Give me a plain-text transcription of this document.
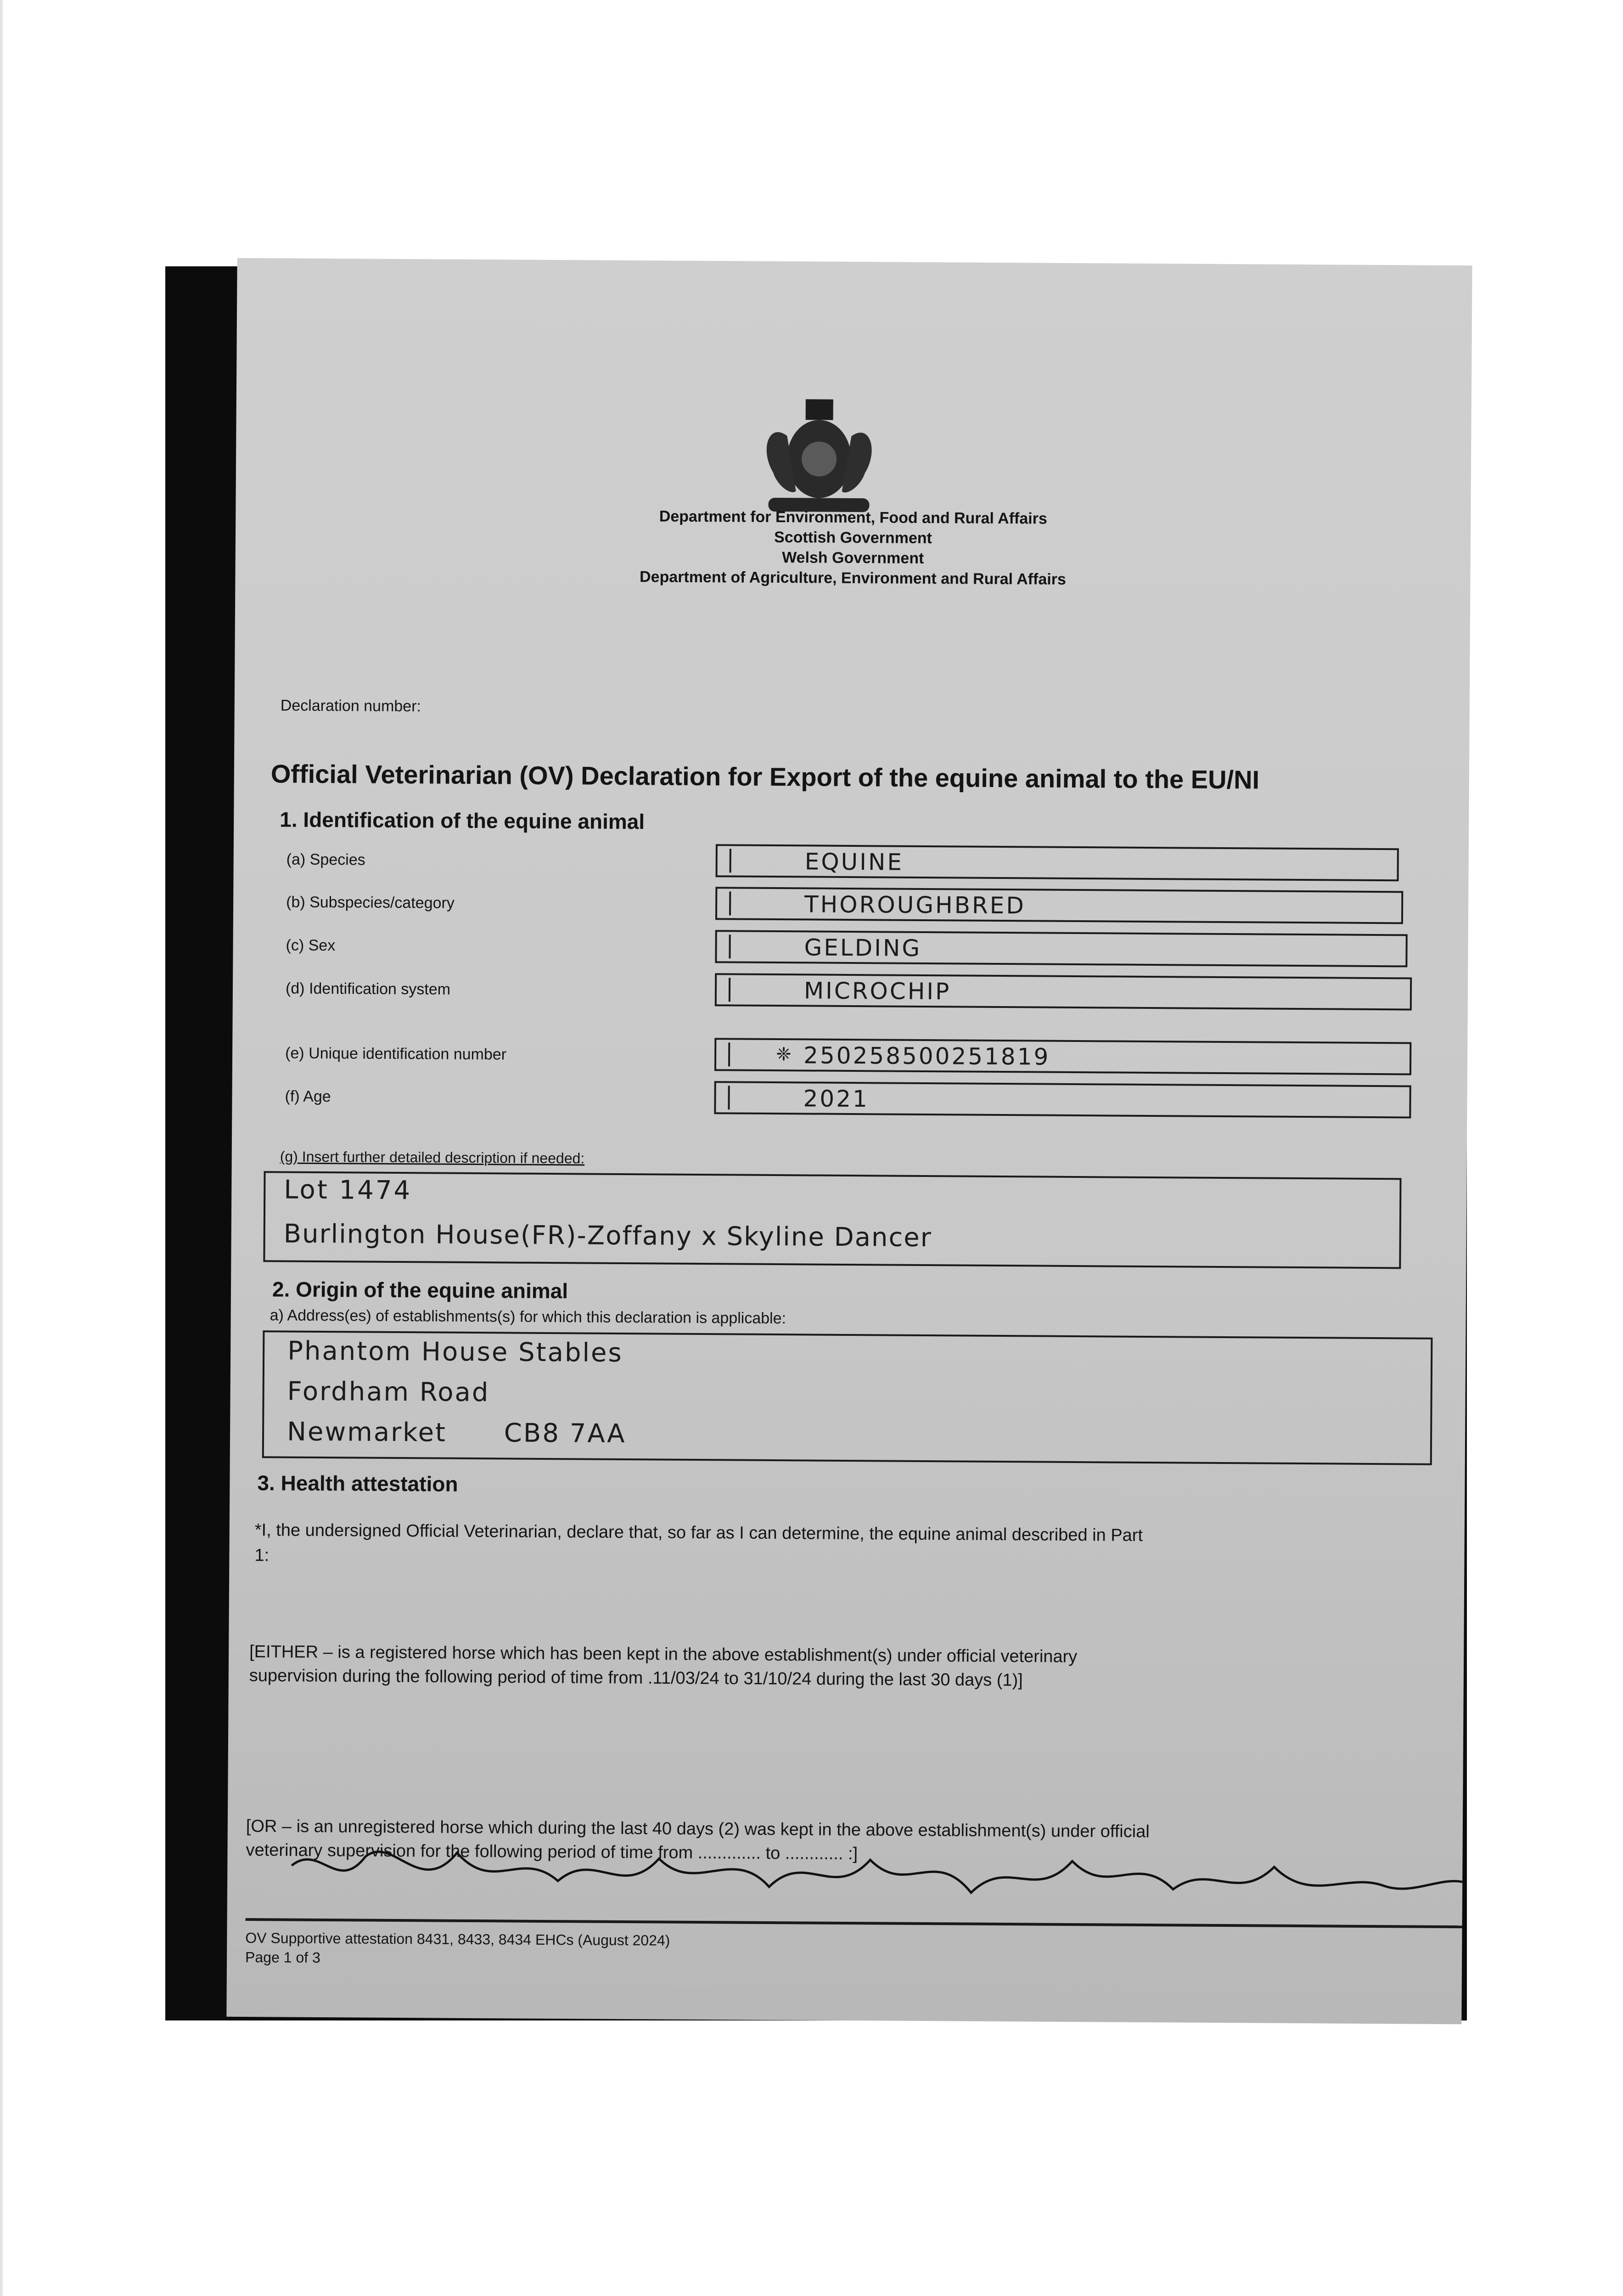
Department for Environment, Food and Rural Affairs
Scottish Government
Welsh Government
Department of Agriculture, Environment and Rural Affairs
Declaration number:
Official Veterinarian (OV) Declaration for Export of the equine animal to the EU/NI
1. Identification of the equine animal
(a) Species	EQUINE
(b) Subspecies/category	THOROUGHBRED
(c) Sex	GELDING
(d) Identification system	MICROCHIP
(e) Unique identification number	❈ 250258500251819
(f) Age	2021
(g) Insert further detailed description if needed:
Lot 1474
Burlington House(FR)-Zoffany x Skyline Dancer
2. Origin of the equine animal
a) Address(es) of establishments(s) for which this declaration is applicable:
Phantom House Stables
Fordham Road
Newmarket      CB8 7AA
3. Health attestation
*I, the undersigned Official Veterinarian, declare that, so far as I can determine, the equine animal described in Part
1:
[EITHER – is a registered horse which has been kept in the above establishment(s) under official veterinary
supervision during the following period of time from .11/03/24 to 31/10/24 during the last 30 days (1)]
[OR – is an unregistered horse which during the last 40 days (2) was kept in the above establishment(s) under official
veterinary supervision for the following period of time from ............. to ............ :]
OV Supportive attestation 8431, 8433, 8434 EHCs (August 2024)
Page 1 of 3
